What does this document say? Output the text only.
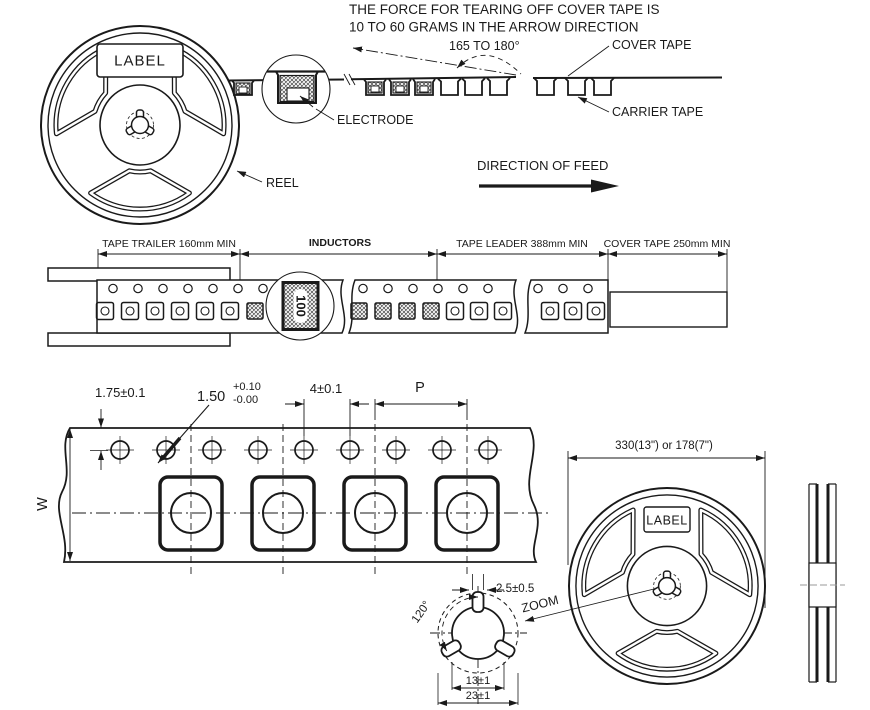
THE FORCE FOR TEARING OFF COVER TAPE IS
10 TO 60 GRAMS IN THE ARROW DIRECTION
LABEL
REEL
165 TO 180°
ELECTRODE
COVER TAPE
CARRIER TAPE
DIRECTION OF FEED
TAPE TRAILER 160mm MIN	INDUCTORS	TAPE LEADER 388mm MIN COVER TAPE 250mm MIN
100
1.75±0.1	1.50
+0.10
-0.00
4±0.1	P
W
LABEL
330(13") or 178(7")
ZOOM
2.5±0.5
120°
13±1
23±1
